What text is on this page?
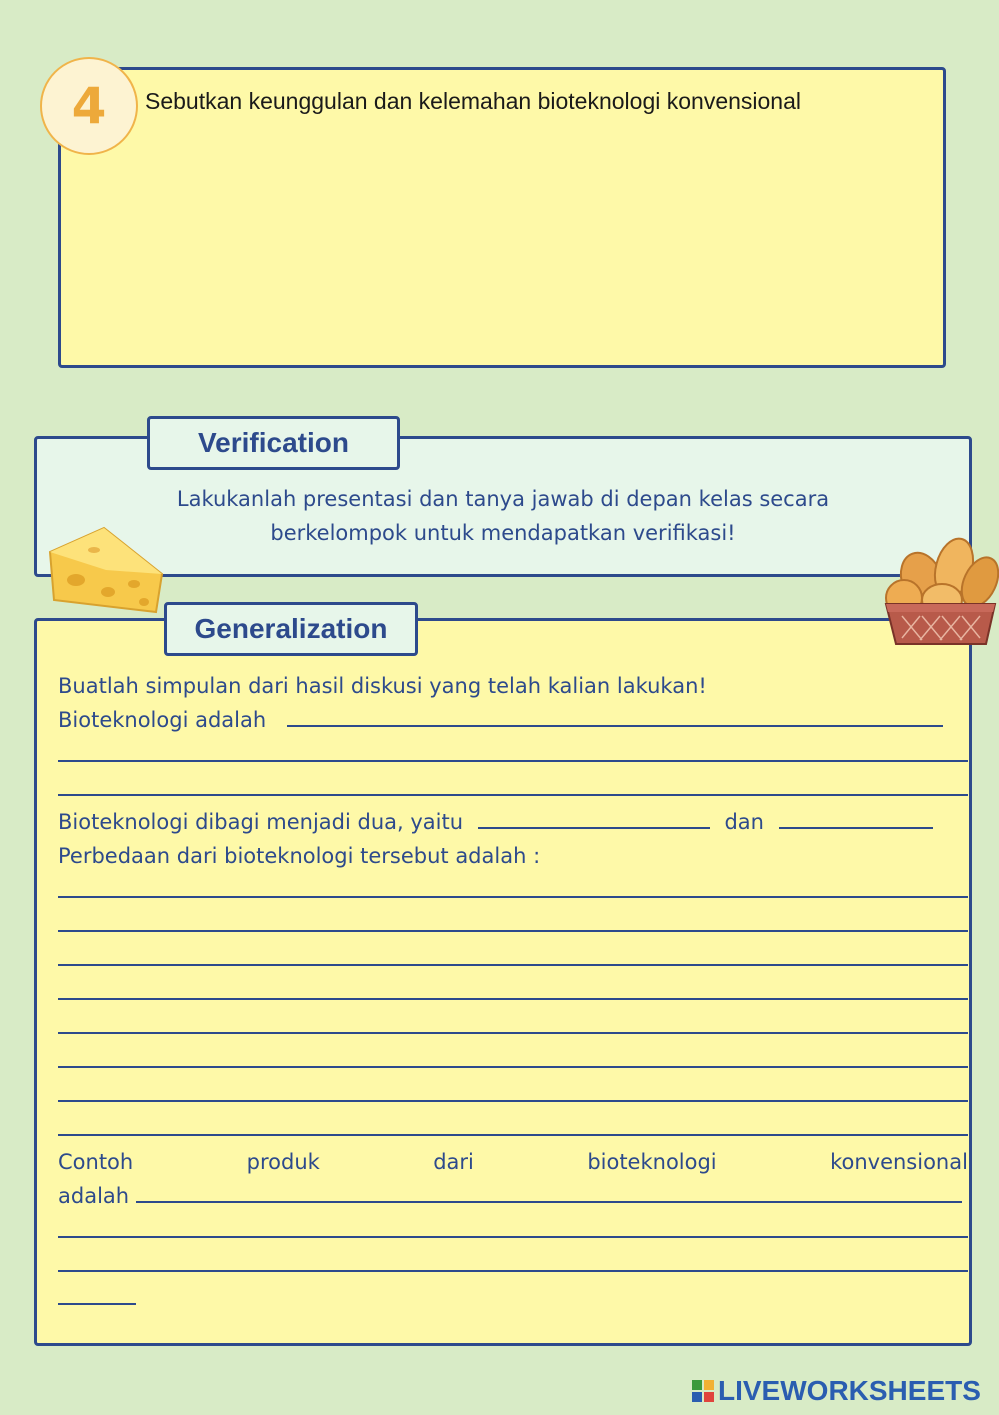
4	Sebutkan keunggulan dan kelemahan bioteknologi konvensional
Verification
Lakukanlah presentasi dan tanya jawab di depan kelas secara
berkelompok untuk mendapatkan verifikasi!
Generalization
Buatlah simpulan dari hasil diskusi yang telah kalian lakukan!
Bioteknologi adalah
Bioteknologi dibagi menjadi dua, yaitu	dan
Perbedaan dari bioteknologi tersebut adalah :
Contoh	produk	dari	bioteknologi	konvensional
adalah
LIVEWORKSHEETS
